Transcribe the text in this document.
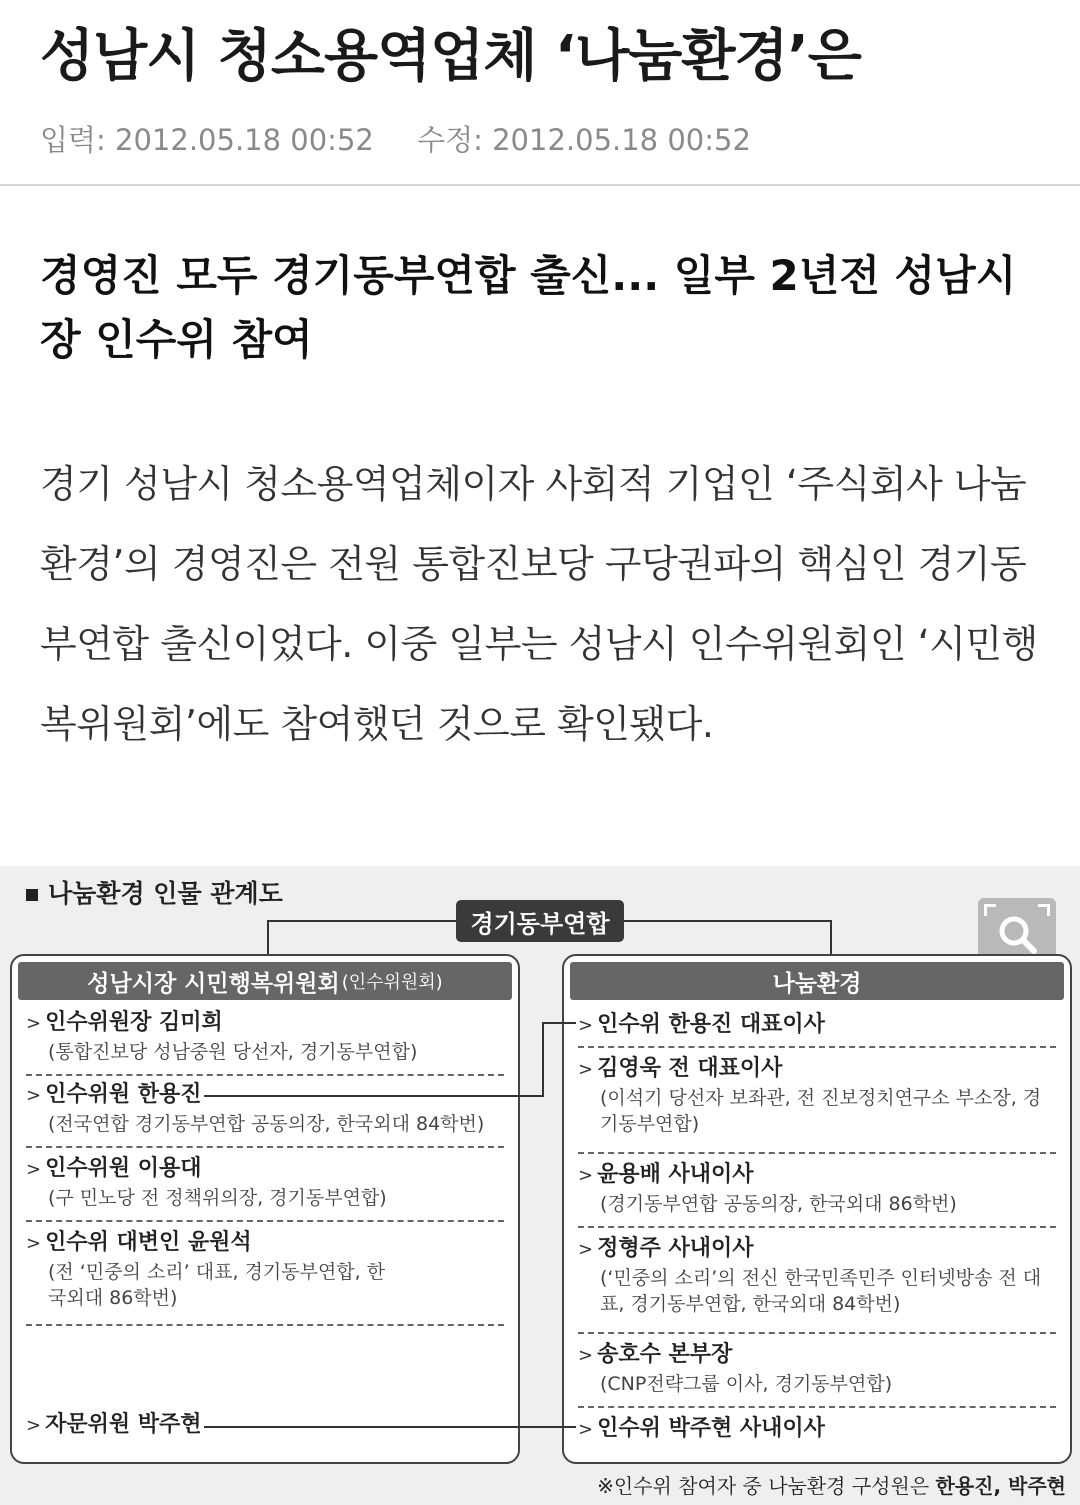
성남시 청소용역업체 ‘나눔환경’은
입력: 2012.05.18 00:52 수정: 2012.05.18 00:52
경영진 모두 경기동부연합 출신... 일부 2년전 성남시장 인수위 참여
경기 성남시 청소용역업체이자 사회적 기업인 ‘주식회사 나눔환경’의 경영진은 전원 통합진보당 구당권파의 핵심인 경기동부연합 출신이었다. 이중 일부는 성남시 인수위원회인 ‘시민행복위원회’에도 참여했던 것으로 확인됐다.
나눔환경 인물 관계도
경기동부연합
성남시장 시민행복위원회 (인수위원회)
> 인수위원장 김미희
(통합진보당 성남중원 당선자, 경기동부연합)
> 인수위원 한용진
(전국연합 경기동부연합 공동의장, 한국외대 84학번)
> 인수위원 이용대
(구 민노당 전 정책위의장, 경기동부연합)
> 인수위 대변인 윤원석
(전 ‘민중의 소리’ 대표, 경기동부연합, 한국외대 86학번)
> 자문위원 박주현
나눔환경
> 인수위 한용진 대표이사
> 김영욱 전 대표이사
(이석기 당선자 보좌관, 전 진보정치연구소 부소장, 경기동부연합)
> 윤용배 사내이사
(경기동부연합 공동의장, 한국외대 86학번)
> 정형주 사내이사
(‘민중의 소리’의 전신 한국민족민주 인터넷방송 전 대표, 경기동부연합, 한국외대 84학번)
> 송호수 본부장
(CNP전략그룹 이사, 경기동부연합)
> 인수위 박주현 사내이사
※인수위 참여자 중 나눔환경 구성원은 한용진, 박주현
